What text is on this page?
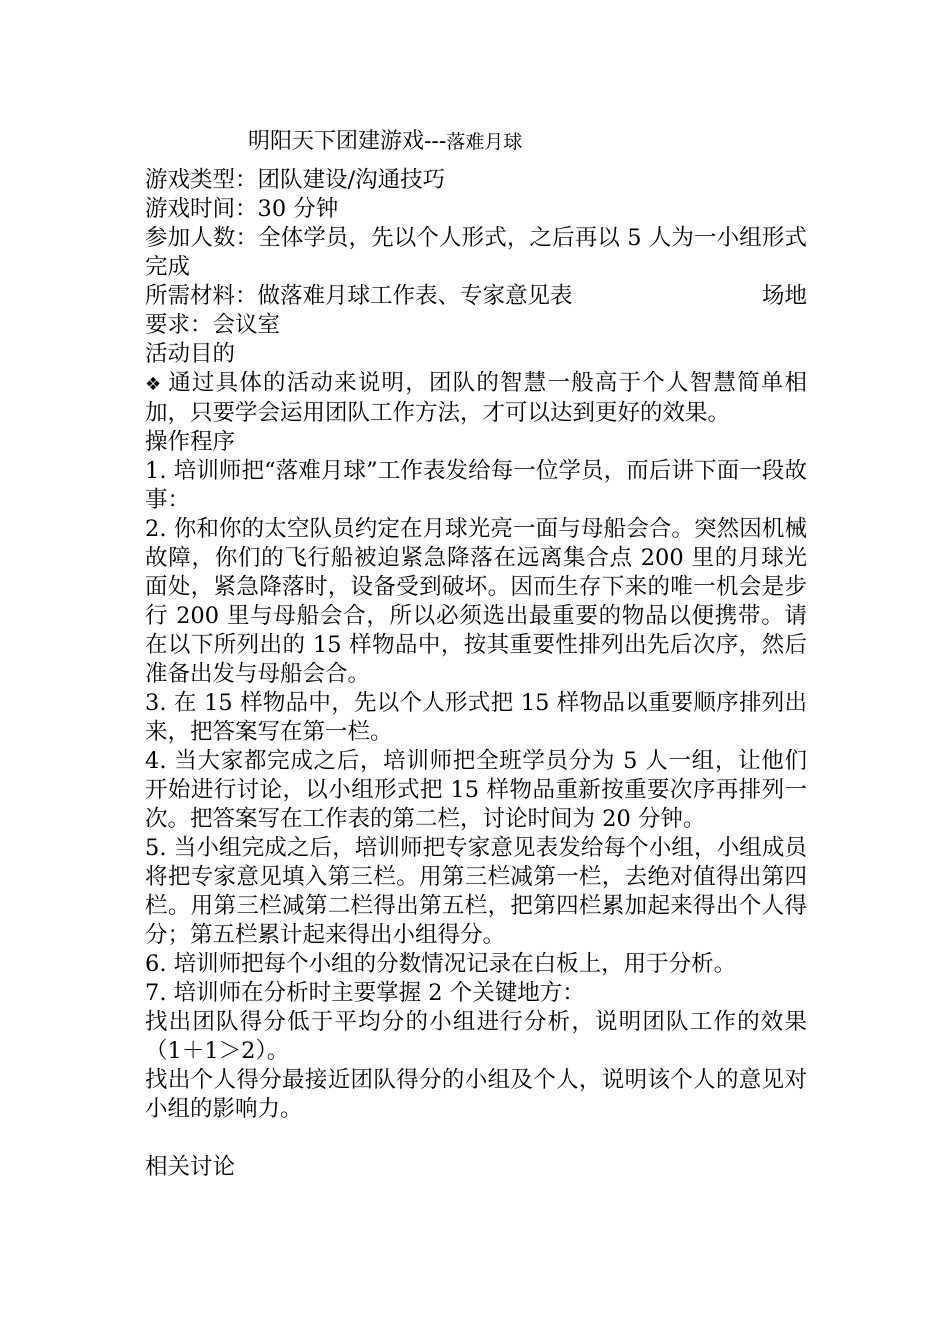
明阳天下团建游戏---落难月球

游戏类型：团队建设/沟通技巧

游戏时间：30 分钟

参加人数：全体学员，先以个人形式，之后再以 5 人为一小组形式完成

所需材料：做落难月球工作表、专家意见表	场地

要求：会议室

活动目的

❖ 通过具体的活动来说明，团队的智慧一般高于个人智慧简单相加，只要学会运用团队工作方法，才可以达到更好的效果。

操作程序

1. 培训师把“落难月球”工作表发给每一位学员，而后讲下面一段故事：

2. 你和你的太空队员约定在月球光亮一面与母船会合。突然因机械故障，你们的飞行船被迫紧急降落在远离集合点 200 里的月球光面处，紧急降落时，设备受到破坏。因而生存下来的唯一机会是步行 200 里与母船会合，所以必须选出最重要的物品以便携带。请在以下所列出的 15 样物品中，按其重要性排列出先后次序，然后准备出发与母船会合。

3. 在 15 样物品中，先以个人形式把 15 样物品以重要顺序排列出来，把答案写在第一栏。

4. 当大家都完成之后，培训师把全班学员分为 5 人一组，让他们开始进行讨论，以小组形式把 15 样物品重新按重要次序再排列一次。把答案写在工作表的第二栏，讨论时间为 20 分钟。

5. 当小组完成之后，培训师把专家意见表发给每个小组，小组成员将把专家意见填入第三栏。用第三栏减第一栏，去绝对值得出第四栏。用第三栏减第二栏得出第五栏，把第四栏累加起来得出个人得分；第五栏累计起来得出小组得分。

6. 培训师把每个小组的分数情况记录在白板上，用于分析。

7. 培训师在分析时主要掌握 2 个关键地方：

找出团队得分低于平均分的小组进行分析，说明团队工作的效果（1＋1＞2）。

找出个人得分最接近团队得分的小组及个人，说明该个人的意见对小组的影响力。

相关讨论
